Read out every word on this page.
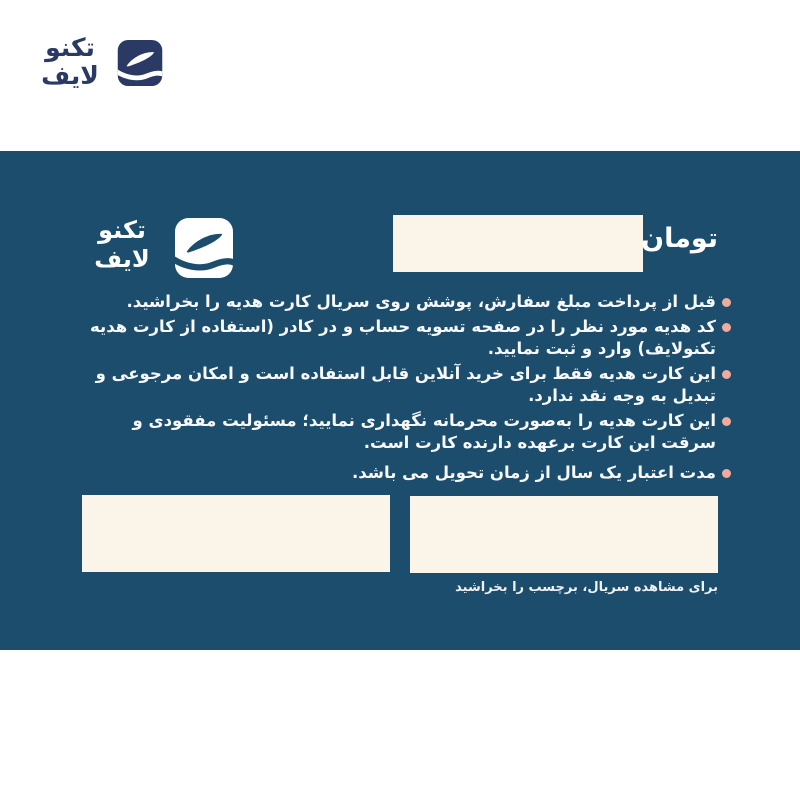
تکنو
لایف
تکنو
لایف
تومان
قبل از پرداخت مبلغ سفارش، پوشش روی سریال کارت هدیه را بخراشید.
کد هدیه مورد نظر را در صفحه تسویه حساب و در کادر (استفاده از کارت هدیه تکنولایف) وارد و ثبت نمایید.
این کارت هدیه فقط برای خرید آنلاین قابل استفاده است و امکان مرجوعی و تبدیل به وجه نقد ندارد.
این کارت هدیه را به‌صورت محرمانه نگهداری نمایید؛ مسئولیت مفقودی و سرقت این کارت برعهده دارنده کارت است.
مدت اعتبار یک سال از زمان تحویل می باشد.
برای مشاهده سریال، برچسب را بخراشید
